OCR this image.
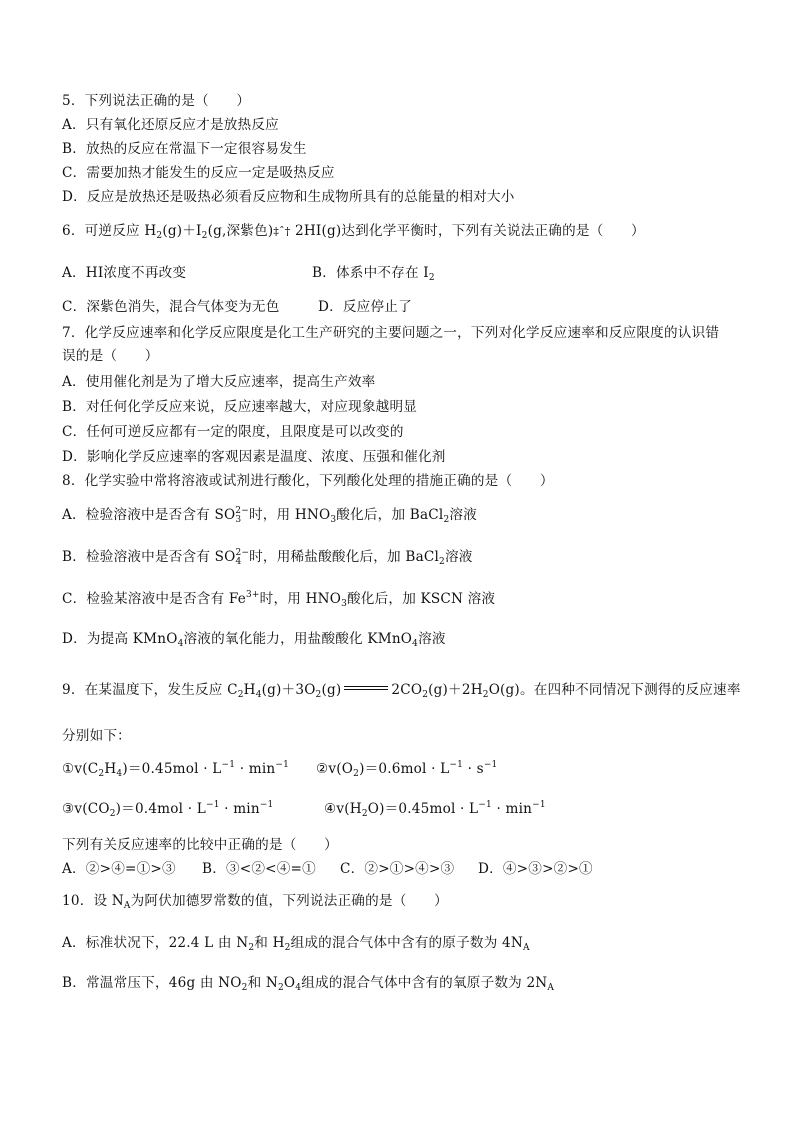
5．下列说法正确的是（　　）
A．只有氧化还原反应才是放热反应
B．放热的反应在常温下一定很容易发生
C．需要加热才能发生的反应一定是吸热反应
D．反应是放热还是吸热必须看反应物和生成物所具有的总能量的相对大小
6．可逆反应 $H_2(g)+I_2(g$,深紫色)‡ˆ† 2HI(g)达到化学平衡时，下列有关说法正确的是（　　）
A．HI浓度不再改变	B．体系中不存在 $I_2$
C．深紫色消失，混合气体变为无色	D．反应停止了
7．化学反应速率和化学反应限度是化工生产研究的主要问题之一，下列对化学反应速率和反应限度的认识错
误的是（　　）
A．使用催化剂是为了增大反应速率，提高生产效率
B．对任何化学反应来说，反应速率越大，对应现象越明显
C．任何可逆反应都有一定的限度，且限度是可以改变的
D．影响化学反应速率的客观因素是温度、浓度、压强和催化剂
8．化学实验中常将溶液或试剂进行酸化，下列酸化处理的措施正确的是（　　）
A．检验溶液中是否含有 $SO_3^{2-}$时，用 $HNO_3$酸化后，加 BaCl$_2$溶液
B．检验溶液中是否含有 $SO_4^{2-}$时，用稀盐酸酸化后，加 BaCl$_2$溶液
C．检验某溶液中是否含有 $Fe^{3+}$时，用 $HNO_3$酸化后，加 KSCN 溶液
D．为提高 KMnO$_4$溶液的氧化能力，用盐酸酸化 KMnO$_4$溶液
9．在某温度下，发生反应 $C_2H_4(g)+3O_2(g)$	$2CO_2(g)+2H_2O(g)$。在四种不同情况下测得的反应速率
分别如下：
$①v(C_2H_4)=0.45mol \cdot L^{-1} \cdot \min^{-1}$ $②v(O_2)=0.6mol \cdot L^{-1} \cdot s^{-1}$
$③v(CO_2)=0.4mol \cdot L^{-1} \cdot \min^{-1}$	$④v(H_2O)=0.45mol \cdot L^{-1} \cdot \min^{-1}$
下列有关反应速率的比较中正确的是（　　）
A．②>④=①>③ B．③<②<④=① C．②>①>④>③ D．④>③>②>①
10．设 $N_A$为阿伏加德罗常数的值，下列说法正确的是（　　）
A．标准状况下，22.4 L 由 $N_2$和 $H_2$组成的混合气体中含有的原子数为 $4N_A$
B．常温常压下，46g 由 $NO_2$和 $N_2O_4$组成的混合气体中含有的氧原子数为 $2N_A$
